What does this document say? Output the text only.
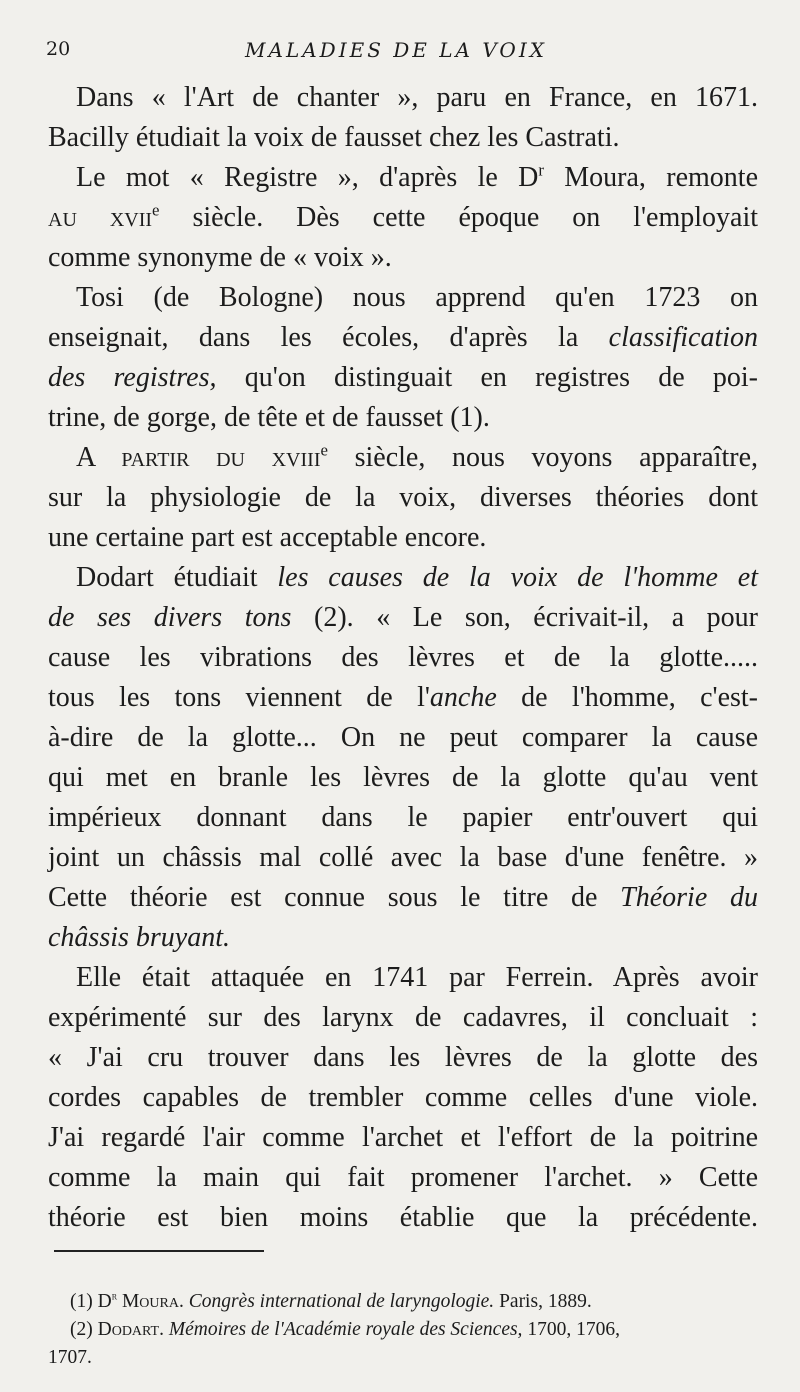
20	MALADIES DE LA VOIX
Dans « l'Art de chanter », paru en France, en 1671.
Bacilly étudiait la voix de fausset chez les Castrati.
Le mot « Registre », d'après le $D^r$ Moura, remonte
au xvii$^e$ siècle. Dès cette époque on l'employait
comme synonyme de « voix ».
Tosi (de Bologne) nous apprend qu'en 1723 on
enseignait, dans les écoles, d'après la classification
des registres, qu'on distinguait en registres de poi-
trine, de gorge, de tête et de fausset (1).
A partir du xviii$^e$ siècle, nous voyons apparaître,
sur la physiologie de la voix, diverses théories dont
une certaine part est acceptable encore.
Dodart étudiait les causes de la voix de l'homme et
de ses divers tons (2). « Le son, écrivait-il, a pour
cause les vibrations des lèvres et de la glotte.....
tous les tons viennent de l'anche de l'homme, c'est-
à-dire de la glotte... On ne peut comparer la cause
qui met en branle les lèvres de la glotte qu'au vent
impérieux donnant dans le papier entr'ouvert qui
joint un châssis mal collé avec la base d'une fenêtre. »
Cette théorie est connue sous le titre de Théorie du
châssis bruyant.
Elle était attaquée en 1741 par Ferrein. Après avoir
expérimenté sur des larynx de cadavres, il concluait :
« J'ai cru trouver dans les lèvres de la glotte des
cordes capables de trembler comme celles d'une viole.
J'ai regardé l'air comme l'archet et l'effort de la poitrine
comme la main qui fait promener l'archet. » Cette
théorie est bien moins établie que la précédente.
(1) $D^r$ Moura. Congrès international de laryngologie. Paris, 1889.
(2) Dodart. Mémoires de l'Académie royale des Sciences, 1700, 1706,
1707.
